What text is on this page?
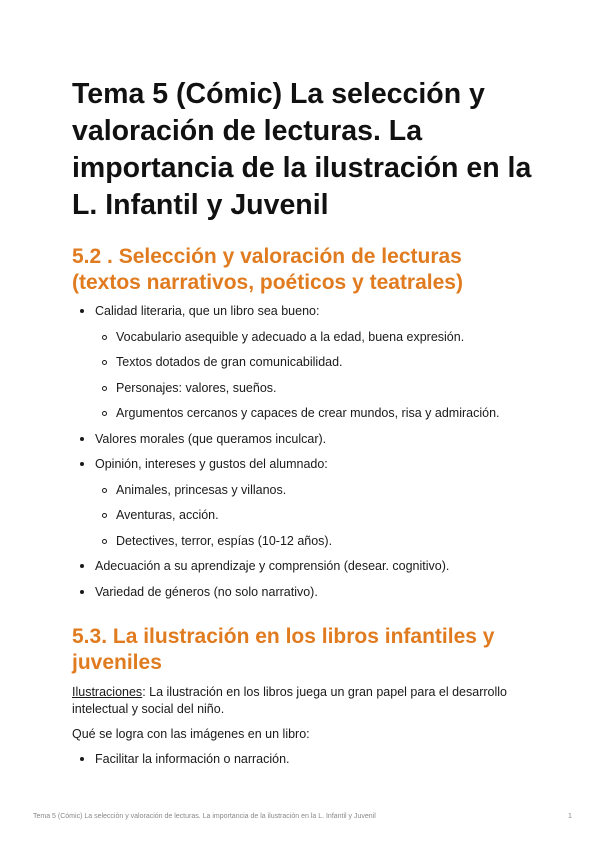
Tema 5 (Cómic) La selección y valoración de lecturas. La importancia de la ilustración en la L. Infantil y Juvenil
5.2 . Selección y valoración de lecturas (textos narrativos, poéticos y teatrales)
Calidad literaria, que un libro sea bueno:
Vocabulario asequible y adecuado a la edad, buena expresión.
Textos dotados de gran comunicabilidad.
Personajes: valores, sueños.
Argumentos cercanos y capaces de crear mundos, risa y admiración.
Valores morales (que queramos inculcar).
Opinión, intereses y gustos del alumnado:
Animales, princesas y villanos.
Aventuras, acción.
Detectives, terror, espías (10-12 años).
Adecuación a su aprendizaje y comprensión (desear. cognitivo).
Variedad de géneros (no solo narrativo).
5.3. La ilustración en los libros infantiles y juveniles

Ilustraciones: La ilustración en los libros juega un gran papel para el desarrollo intelectual y social del niño.

Qué se logra con las imágenes en un libro:

Facilitar la información o narración.
Tema 5 (Cómic) La selección y valoración de lecturas. La importancia de la ilustración en la L. Infantil y Juvenil	1
